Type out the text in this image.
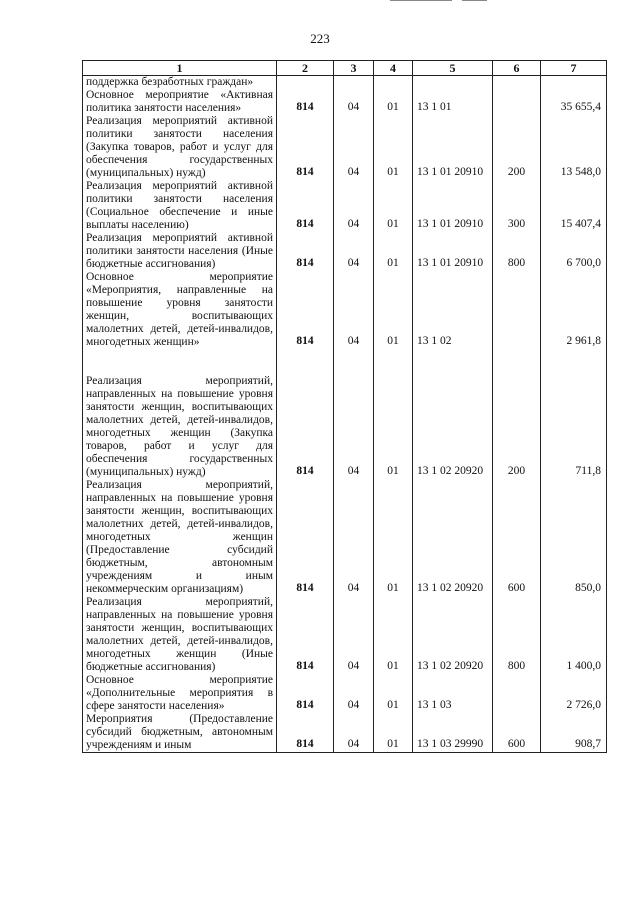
223
1	2	3	4	5	6	7
поддержка безработных граждан»						
Основное мероприятие «Активная политика занятости населения»	814	04	01	13 1 01		35 655,4
Реализация мероприятий активной политики занятости населения (Закупка товаров, работ и услуг для обеспечения государственных (муниципальных) нужд)	814	04	01	13 1 01 20910	200	13 548,0
Реализация мероприятий активной политики занятости населения (Социальное обеспечение и иные выплаты населению)	814	04	01	13 1 01 20910	300	15 407,4
Реализация мероприятий активной политики занятости населения (Иные бюджетные ассигнования)	814	04	01	13 1 01 20910	800	6 700,0
Основное мероприятие «Мероприятия, направленные на повышение уровня занятости женщин, воспитывающих малолетних детей, детей-инвалидов, многодетных женщин»	814	04	01	13 1 02		2 961,8
Реализация мероприятий, направленных на повышение уровня занятости женщин, воспитывающих малолетних детей, детей-инвалидов, многодетных женщин (Закупка товаров, работ и услуг для обеспечения государственных (муниципальных) нужд)	814	04	01	13 1 02 20920	200	711,8
Реализация мероприятий, направленных на повышение уровня занятости женщин, воспитывающих малолетних детей, детей-инвалидов, многодетных женщин (Предоставление субсидий бюджетным, автономным учреждениям и иным некоммерческим организациям)	814	04	01	13 1 02 20920	600	850,0
Реализация мероприятий, направленных на повышение уровня занятости женщин, воспитывающих малолетних детей, детей-инвалидов, многодетных женщин (Иные бюджетные ассигнования)	814	04	01	13 1 02 20920	800	1 400,0
Основное мероприятие «Дополнительные мероприятия в сфере занятости населения»	814	04	01	13 1 03		2 726,0
Мероприятия (Предоставление субсидий бюджетным, автономным учреждениям и иным	814	04	01	13 1 03 29990	600	908,7
